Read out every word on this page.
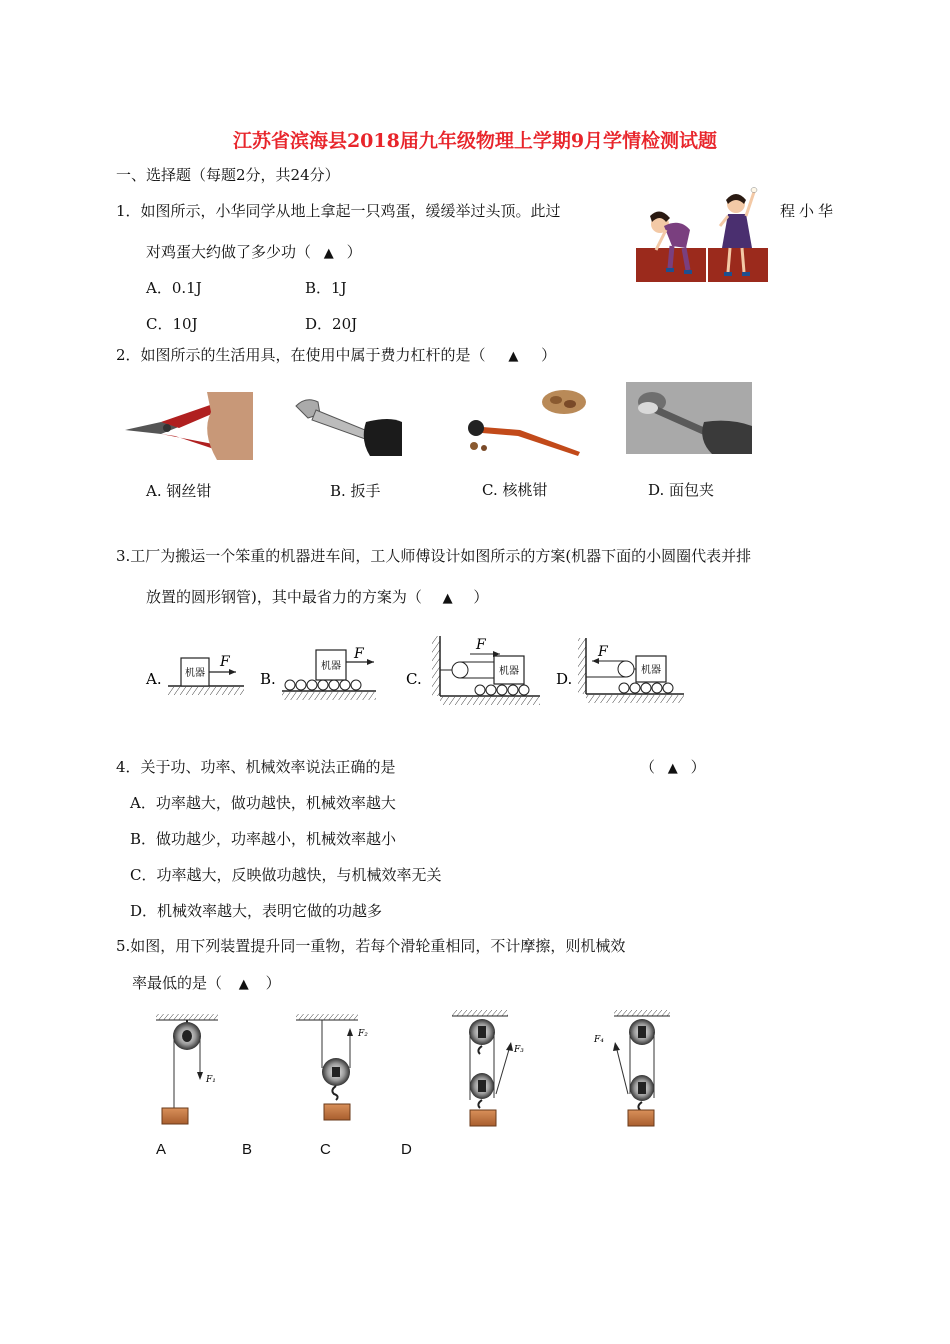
江苏省滨海县2018届九年级物理上学期9月学情检测试题
一、选择题（每题2分，共24分）
1．如图所示，小华同学从地上拿起一只鸡蛋，缓缓举过头顶。此过	程小华
对鸡蛋大约做了多少功（ ▲ ）
A．0.1J	B．1J
C．10J	D．20J
2．如图所示的生活用具，在使用中属于费力杠杆的是（ ▲ ）
A. 钢丝钳	B. 扳手	C. 核桃钳	D. 面包夹
3.工厂为搬运一个笨重的机器进车间，工人师傅设计如图所示的方案(机器下面的小圆圈代表并排
放置的圆形钢管)，其中最省力的方案为（ ▲ ）
A. 机器
F
B.
机器
F
C.	机器
F
D.	机器
F
4．关于功、功率、机械效率说法正确的是	（ ▲ ）
A．功率越大，做功越快，机械效率越大
B．做功越少，功率越小，机械效率越小
C．功率越大，反映做功越快，与机械效率无关
D．机械效率越大，表明它做的功越多
5.如图，用下列装置提升同一重物，若每个滑轮重相同，不计摩擦，则机械效
率最低的是（ ▲ ）
F₁
F₂
F₃
F₄
A	B	C	D
